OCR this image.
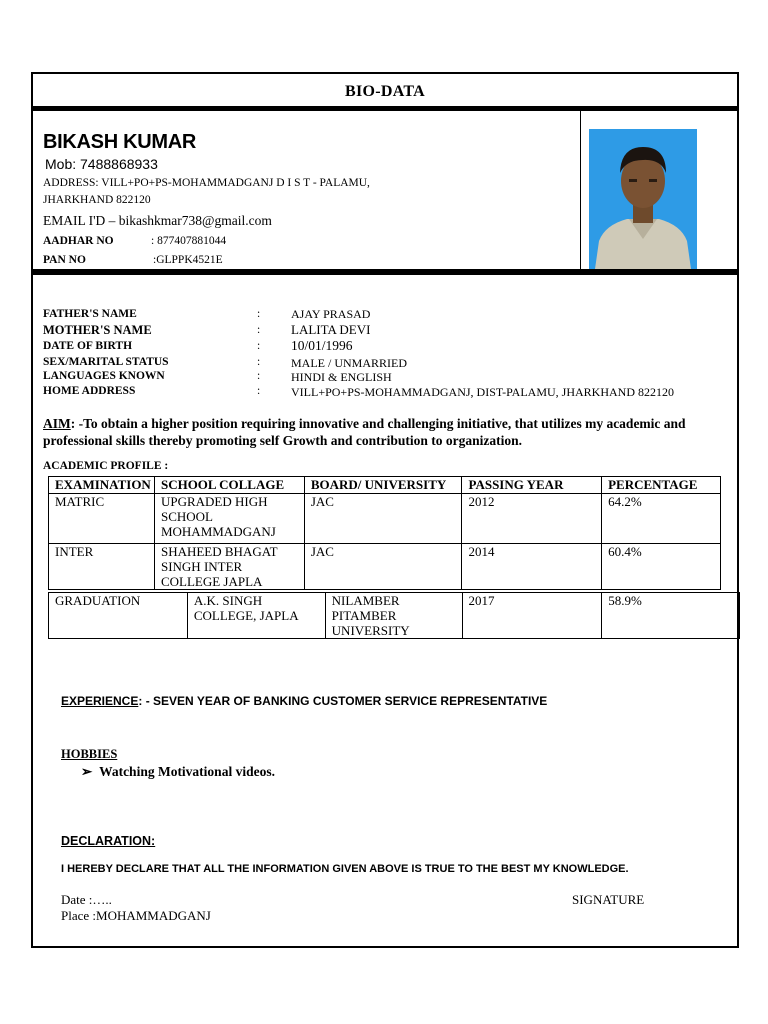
BIO-DATA
BIKASH KUMAR
Mob: 7488868933
ADDRESS: VILL+PO+PS-MOHAMMADGANJ D I S T - PALAMU,
JHARKHAND 822120
EMAIL I'D – bikashkmar738@gmail.com
AADHAR NO	: 877407881044
PAN NO	:GLPPK4521E
FATHER'S NAME	:	AJAY PRASAD
MOTHER'S NAME	: LALITA DEVI
DATE OF BIRTH	: 10/01/1996
SEX/MARITAL STATUS	:	MALE / UNMARRIED
LANGUAGES KNOWN	:	HINDI & ENGLISH
HOME ADDRESS	:	VILL+PO+PS-MOHAMMADGANJ, DIST-PALAMU, JHARKHAND 822120
AIM: -To obtain a higher position requiring innovative and challenging initiative, that utilizes my academic and
professional skills thereby promoting self Growth and contribution to organization.
ACADEMIC PROFILE :
EXAMINATION	SCHOOL COLLAGE	BOARD/ UNIVERSITY	PASSING YEAR	PERCENTAGE
MATRIC	UPGRADED HIGH SCHOOL MOHAMMADGANJ	JAC	2012	64.2%
INTER	SHAHEED BHAGAT SINGH INTER COLLEGE JAPLA	JAC	2014	60.4%
GRADUATION	A.K. SINGH COLLEGE, JAPLA	NILAMBER PITAMBER UNIVERSITY	2017	58.9%
EXPERIENCE: - SEVEN YEAR OF BANKING CUSTOMER SERVICE REPRESENTATIVE
HOBBIES
➢ Watching Motivational videos.
DECLARATION:
I HEREBY DECLARE THAT ALL THE INFORMATION GIVEN ABOVE IS TRUE TO THE BEST MY KNOWLEDGE.
Date :…..
Place :MOHAMMADGANJ
SIGNATURE
